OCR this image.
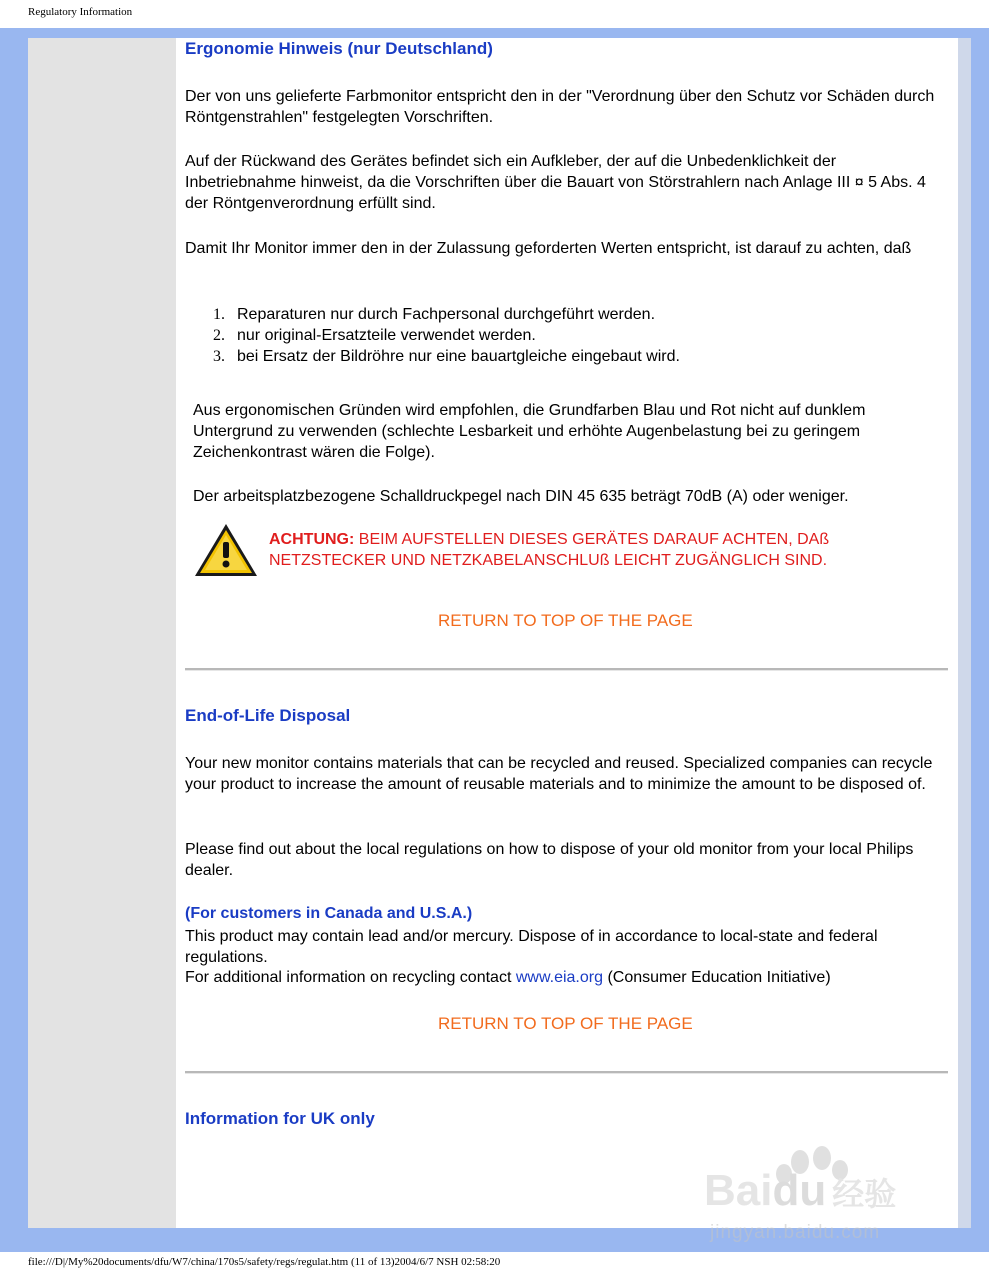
Regulatory Information
Ergonomie Hinweis (nur Deutschland)
Der von uns gelieferte Farbmonitor entspricht den in der "Verordnung über den Schutz vor Schäden durch Röntgenstrahlen" festgelegten Vorschriften.
Auf der Rückwand des Gerätes befindet sich ein Aufkleber, der auf die Unbedenklichkeit der Inbetriebnahme hinweist, da die Vorschriften über die Bauart von Störstrahlern nach Anlage III ¤ 5 Abs. 4 der Röntgenverordnung erfüllt sind.
Damit Ihr Monitor immer den in der Zulassung geforderten Werten entspricht, ist darauf zu achten, daß
1. Reparaturen nur durch Fachpersonal durchgeführt werden.
2. nur original-Ersatzteile verwendet werden.
3. bei Ersatz der Bildröhre nur eine bauartgleiche eingebaut wird.
Aus ergonomischen Gründen wird empfohlen, die Grundfarben Blau und Rot nicht auf dunklem Untergrund zu verwenden (schlechte Lesbarkeit und erhöhte Augenbelastung bei zu geringem Zeichenkontrast wären die Folge).
Der arbeitsplatzbezogene Schalldruckpegel nach DIN 45 635 beträgt 70dB (A) oder weniger.
ACHTUNG: BEIM AUFSTELLEN DIESES GERÄTES DARAUF ACHTEN, DAß NETZSTECKER UND NETZKABELANSCHLUß LEICHT ZUGÄNGLICH SIND.
RETURN TO TOP OF THE PAGE
End-of-Life Disposal
Your new monitor contains materials that can be recycled and reused. Specialized companies can recycle your product to increase the amount of reusable materials and to minimize the amount to be disposed of.
Please find out about the local regulations on how to dispose of your old monitor from your local Philips dealer.
(For customers in Canada and U.S.A.)
This product may contain lead and/or mercury. Dispose of in accordance to local-state and federal regulations.
For additional information on recycling contact www.eia.org (Consumer Education Initiative)
RETURN TO TOP OF THE PAGE
Information for UK only
Baidu 经验
jingyan.baidu.com
file:///D|/My%20documents/dfu/W7/china/170s5/safety/regs/regulat.htm (11 of 13)2004/6/7 NSH 02:58:20
